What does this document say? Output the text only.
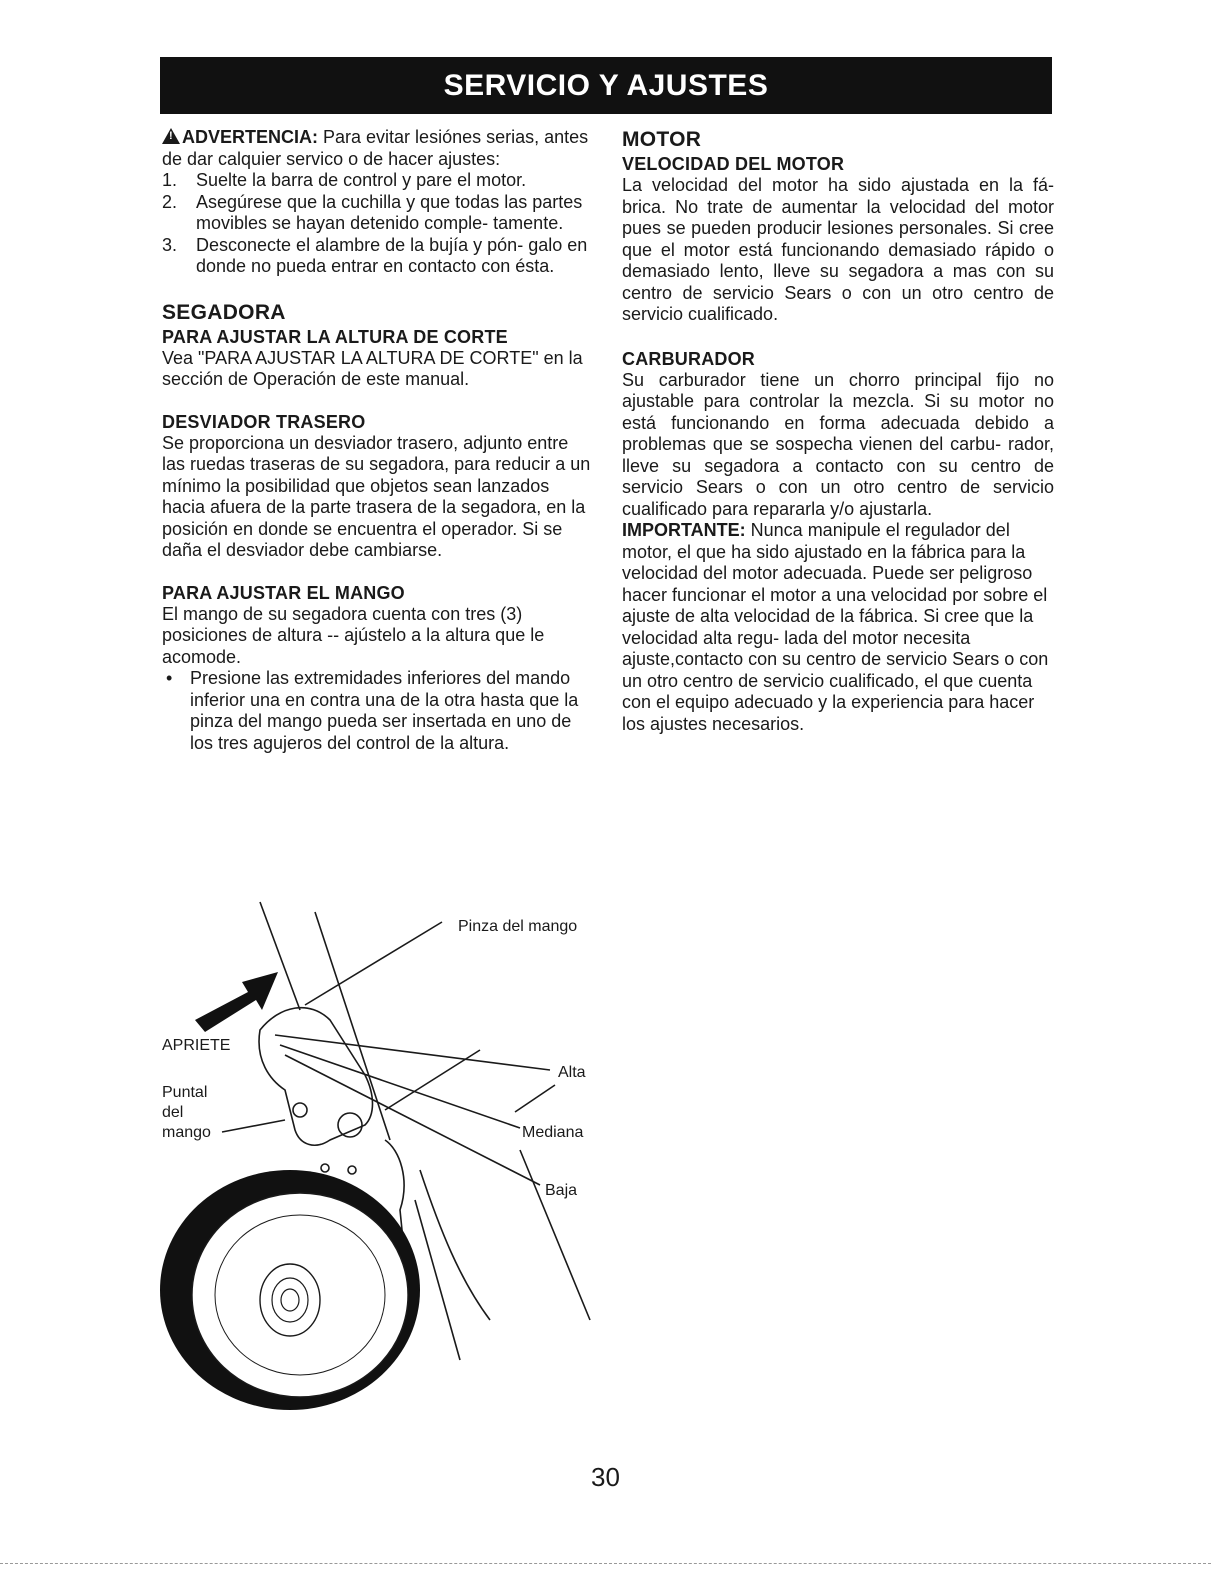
SERVICIO Y AJUSTES

!ADVERTENCIA: Para evitar lesiónes serias, antes de dar calquier servico o de hacer ajustes:

1.	Suelte la barra de control y pare el motor.
2.	Asegúrese que la cuchilla y que todas las partes movibles se hayan detenido comple- tamente.
3.	Desconecte el alambre de la bujía y pón- galo en donde no pueda entrar en contacto con ésta.

SEGADORA

PARA AJUSTAR LA ALTURA DE CORTE

Vea "PARA AJUSTAR LA ALTURA DE CORTE" en la sección de Operación de este manual.

DESVIADOR TRASERO

Se proporciona un desviador trasero, adjunto entre las ruedas traseras de su segadora, para reducir a un mínimo la posibilidad que objetos sean lanzados hacia afuera de la parte trasera de la segadora, en la posición en donde se encuentra el operador. Si se daña el desviador debe cambiarse.

PARA AJUSTAR EL MANGO

El mango de su segadora cuenta con tres (3) posiciones de altura -- ajústelo a la altura que le acomode.

• Presione las extremidades inferiores del mando inferior una en contra una de la otra hasta que la pinza del mango pueda ser insertada en uno de los tres agujeros del control de la altura.

MOTOR

VELOCIDAD DEL MOTOR

La velocidad del motor ha sido ajustada en la fá- brica. No trate de aumentar la velocidad del motor pues se pueden producir lesiones personales. Si cree que el motor está funcionando demasiado rápido o demasiado lento, lleve su segadora a mas con su centro de servicio Sears o con un otro centro de servicio cualificado.

CARBURADOR

Su carburador tiene un chorro principal fijo no ajustable para controlar la mezcla. Si su motor no está funcionando en forma adecuada debido a problemas que se sospecha vienen del carbu- rador, lleve su segadora a contacto con su centro de servicio Sears o con un otro centro de servicio cualificado para repararla y/o ajustarla.

IMPORTANTE: Nunca manipule el regulador del motor, el que ha sido ajustado en la fábrica para la velocidad del motor adecuada. Puede ser peligroso hacer funcionar el motor a una velocidad por sobre el ajuste de alta velocidad de la fábrica. Si cree que la velocidad alta regu- lada del motor necesita ajuste,contacto con su centro de servicio Sears o con un otro centro de servicio cualificado, el que cuenta con el equipo adecuado y la experiencia para hacer los ajustes necesarios.

Pinza del mango
APRIETE
Puntal
del
mango
Alta
Mediana
Baja
30
